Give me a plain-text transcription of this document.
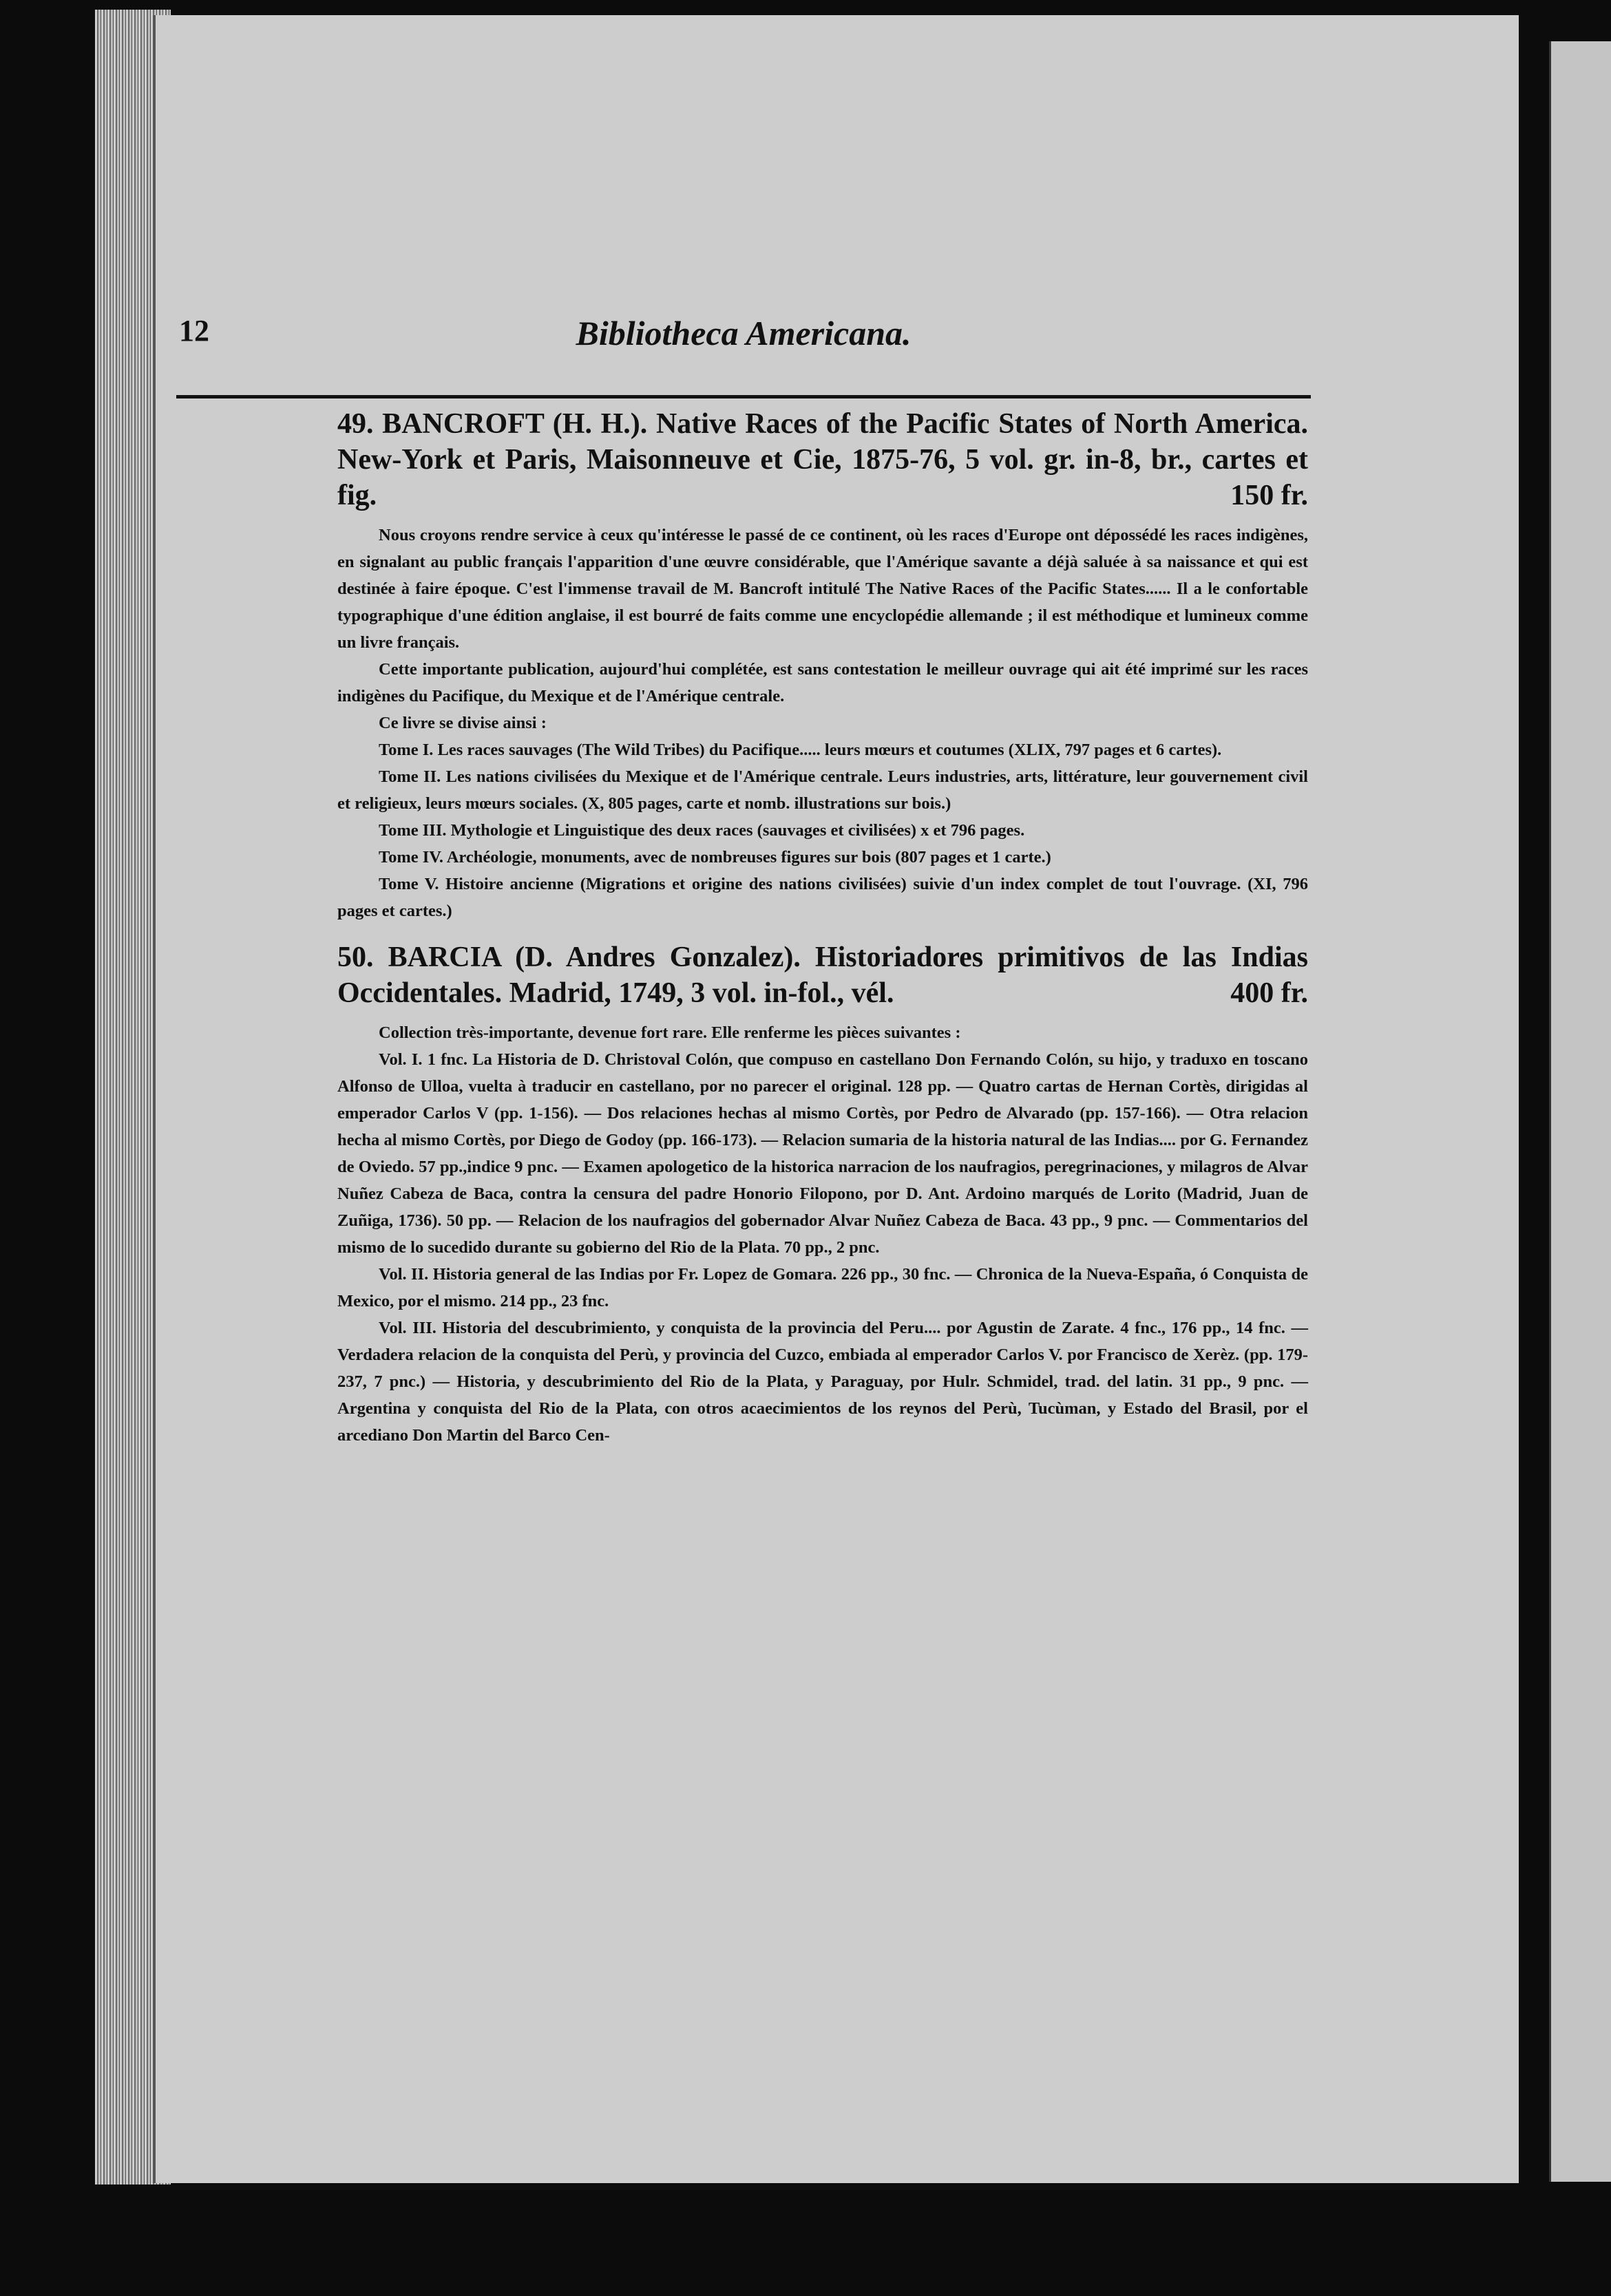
12	Bibliotheca Americana.
49. BANCROFT (H. H.). Native Races of the Pacific States of North America. New-York et Paris, Maisonneuve et Cie, 1875-76, 5 vol. gr. in-8, br., cartes et fig.	150 fr.

Nous croyons rendre service à ceux qu'intéresse le passé de ce continent, où les races d'Europe ont dépossédé les races indigènes, en signalant au public français l'apparition d'une œuvre considérable, que l'Amérique savante a déjà saluée à sa naissance et qui est destinée à faire époque. C'est l'immense travail de M. Bancroft intitulé The Native Races of the Pacific States...... Il a le confortable typographique d'une édition anglaise, il est bourré de faits comme une encyclopédie allemande ; il est méthodique et lumineux comme un livre français.

Cette importante publication, aujourd'hui complétée, est sans contestation le meilleur ouvrage qui ait été imprimé sur les races indigènes du Pacifique, du Mexique et de l'Amérique centrale.

Ce livre se divise ainsi :

Tome I. Les races sauvages (The Wild Tribes) du Pacifique..... leurs mœurs et coutumes (XLIX, 797 pages et 6 cartes).

Tome II. Les nations civilisées du Mexique et de l'Amérique centrale. Leurs industries, arts, littérature, leur gouvernement civil et religieux, leurs mœurs sociales. (X, 805 pages, carte et nomb. illustrations sur bois.)

Tome III. Mythologie et Linguistique des deux races (sauvages et civilisées) x et 796 pages.

Tome IV. Archéologie, monuments, avec de nombreuses figures sur bois (807 pages et 1 carte.)

Tome V. Histoire ancienne (Migrations et origine des nations civilisées) suivie d'un index complet de tout l'ouvrage. (XI, 796 pages et cartes.)

50. BARCIA (D. Andres Gonzalez). Historiadores primitivos de las Indias Occidentales. Madrid, 1749, 3 vol. in-fol., vél.	400 fr.

Collection très-importante, devenue fort rare. Elle renferme les pièces suivantes :

Vol. I. 1 fnc. La Historia de D. Christoval Colón, que compuso en castellano Don Fernando Colón, su hijo, y traduxo en toscano Alfonso de Ulloa, vuelta à traducir en castellano, por no parecer el original. 128 pp. — Quatro cartas de Hernan Cortès, dirigidas al emperador Carlos V (pp. 1-156). — Dos relaciones hechas al mismo Cortès, por Pedro de Alvarado (pp. 157-166). — Otra relacion hecha al mismo Cortès, por Diego de Godoy (pp. 166-173). — Relacion sumaria de la historia natural de las Indias.... por G. Fernandez de Oviedo. 57 pp.,indice 9 pnc. — Examen apologetico de la historica narracion de los naufragios, peregrinaciones, y milagros de Alvar Nuñez Cabeza de Baca, contra la censura del padre Honorio Filopono, por D. Ant. Ardoino marqués de Lorito (Madrid, Juan de Zuñiga, 1736). 50 pp. — Relacion de los naufragios del gobernador Alvar Nuñez Cabeza de Baca. 43 pp., 9 pnc. — Commentarios del mismo de lo sucedido durante su gobierno del Rio de la Plata. 70 pp., 2 pnc.

Vol. II. Historia general de las Indias por Fr. Lopez de Gomara. 226 pp., 30 fnc. — Chronica de la Nueva-España, ó Conquista de Mexico, por el mismo. 214 pp., 23 fnc.

Vol. III. Historia del descubrimiento, y conquista de la provincia del Peru.... por Agustin de Zarate. 4 fnc., 176 pp., 14 fnc. — Verdadera relacion de la conquista del Perù, y provincia del Cuzco, embiada al emperador Carlos V. por Francisco de Xerèz. (pp. 179-237, 7 pnc.) — Historia, y descubrimiento del Rio de la Plata, y Paraguay, por Hulr. Schmidel, trad. del latin. 31 pp., 9 pnc. — Argentina y conquista del Rio de la Plata, con otros acaecimientos de los reynos del Perù, Tucùman, y Estado del Brasil, por el arcediano Don Martin del Barco Cen-
